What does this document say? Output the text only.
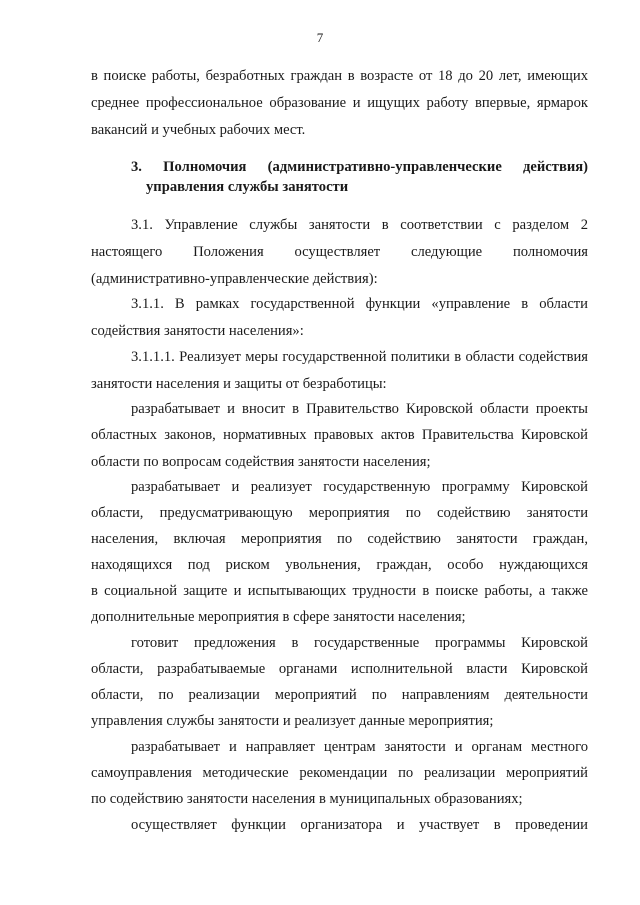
7
в поиске работы, безработных граждан в возрасте от 18 до 20 лет, имеющих
среднее профессиональное образование и ищущих работу впервые, ярмарок
вакансий и учебных рабочих мест.
3. Полномочия (административно-управленческие действия)
управления службы занятости
3.1. Управление службы занятости в соответствии с разделом 2
настоящего Положения осуществляет следующие полномочия
(административно-управленческие действия):
3.1.1. В рамках государственной функции «управление в области
содействия занятости населения»:
3.1.1.1. Реализует меры государственной политики в области содействия
занятости населения и защиты от безработицы:
разрабатывает и вносит в Правительство Кировской области проекты
областных законов, нормативных правовых актов Правительства Кировской
области по вопросам содействия занятости населения;
разрабатывает и реализует государственную программу Кировской
области, предусматривающую мероприятия по содействию занятости
населения, включая мероприятия по содействию занятости граждан,
находящихся под риском увольнения, граждан, особо нуждающихся
в социальной защите и испытывающих трудности в поиске работы, а также
дополнительные мероприятия в сфере занятости населения;
готовит предложения в государственные программы Кировской
области, разрабатываемые органами исполнительной власти Кировской
области, по реализации мероприятий по направлениям деятельности
управления службы занятости и реализует данные мероприятия;
разрабатывает и направляет центрам занятости и органам местного
самоуправления методические рекомендации по реализации мероприятий
по содействию занятости населения в муниципальных образованиях;
осуществляет функции организатора и участвует в проведении
